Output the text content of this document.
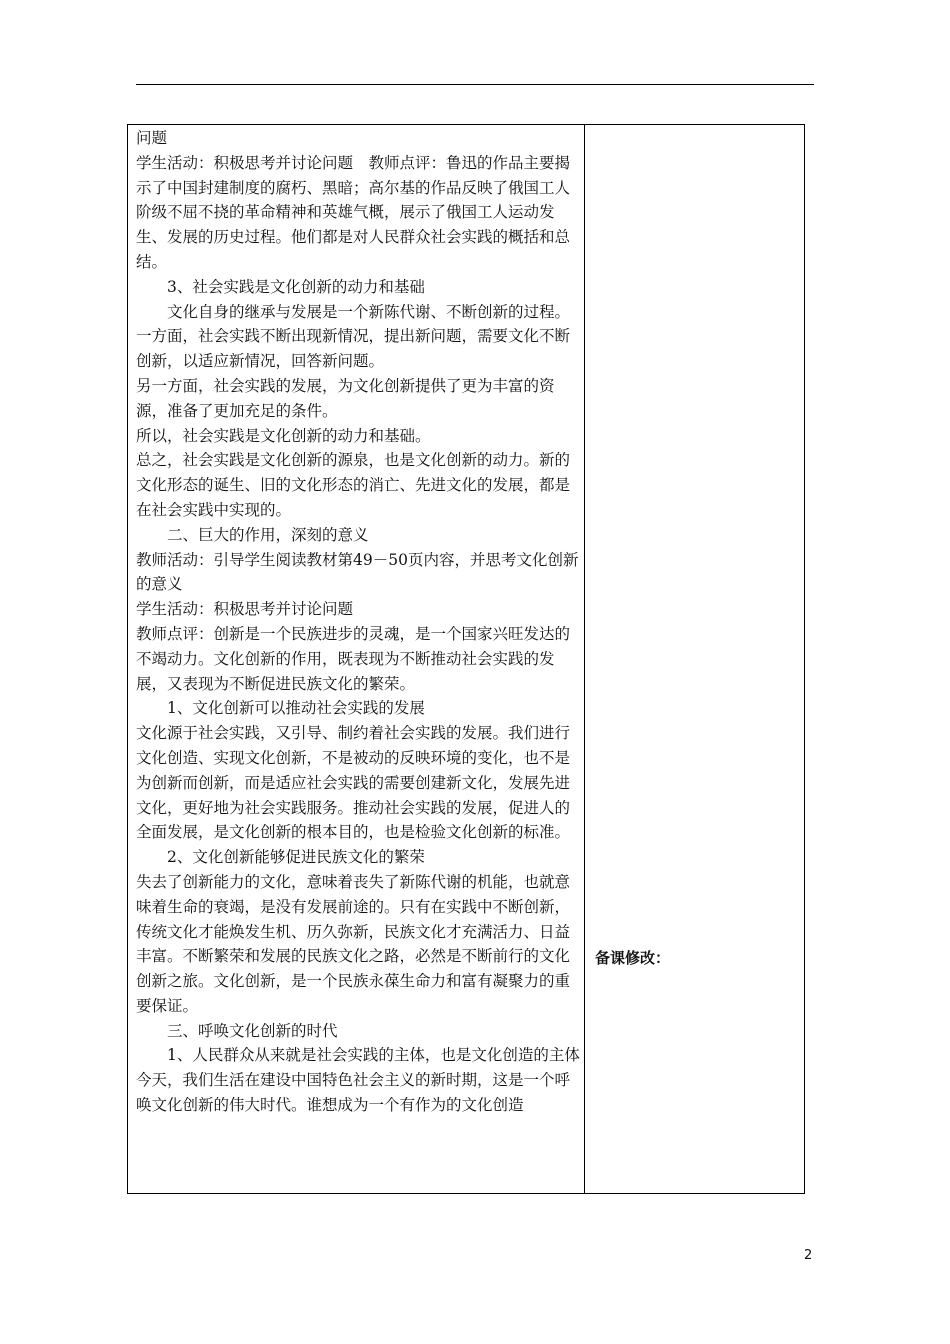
问题

学生活动：积极思考并讨论问题　教师点评：鲁迅的作品主要揭示了中国封建制度的腐朽、黑暗；高尔基的作品反映了俄国工人阶级不屈不挠的革命精神和英雄气概，展示了俄国工人运动发生、发展的历史过程。他们都是对人民群众社会实践的概括和总结。

3、社会实践是文化创新的动力和基础

文化自身的继承与发展是一个新陈代谢、不断创新的过程。

一方面，社会实践不断出现新情况，提出新问题，需要文化不断创新，以适应新情况，回答新问题。

另一方面，社会实践的发展，为文化创新提供了更为丰富的资源，准备了更加充足的条件。

所以，社会实践是文化创新的动力和基础。

总之，社会实践是文化创新的源泉，也是文化创新的动力。新的文化形态的诞生、旧的文化形态的消亡、先进文化的发展，都是在社会实践中实现的。

二、巨大的作用，深刻的意义

教师活动：引导学生阅读教材第49－50页内容，并思考文化创新的意义

学生活动：积极思考并讨论问题

教师点评：创新是一个民族进步的灵魂，是一个国家兴旺发达的不竭动力。文化创新的作用，既表现为不断推动社会实践的发展，又表现为不断促进民族文化的繁荣。

1、文化创新可以推动社会实践的发展

文化源于社会实践，又引导、制约着社会实践的发展。我们进行文化创造、实现文化创新，不是被动的反映环境的变化，也不是为创新而创新，而是适应社会实践的需要创建新文化，发展先进文化，更好地为社会实践服务。推动社会实践的发展，促进人的全面发展，是文化创新的根本目的，也是检验文化创新的标准。

2、文化创新能够促进民族文化的繁荣

失去了创新能力的文化，意味着丧失了新陈代谢的机能，也就意味着生命的衰竭，是没有发展前途的。只有在实践中不断创新，传统文化才能焕发生机、历久弥新，民族文化才充满活力、日益丰富。不断繁荣和发展的民族文化之路，必然是不断前行的文化创新之旅。文化创新，是一个民族永葆生命力和富有凝聚力的重要保证。

三、呼唤文化创新的时代

1、人民群众从来就是社会实践的主体，也是文化创造的主体

今天，我们生活在建设中国特色社会主义的新时期，这是一个呼唤文化创新的伟大时代。谁想成为一个有作为的文化创造

备课修改：
2
